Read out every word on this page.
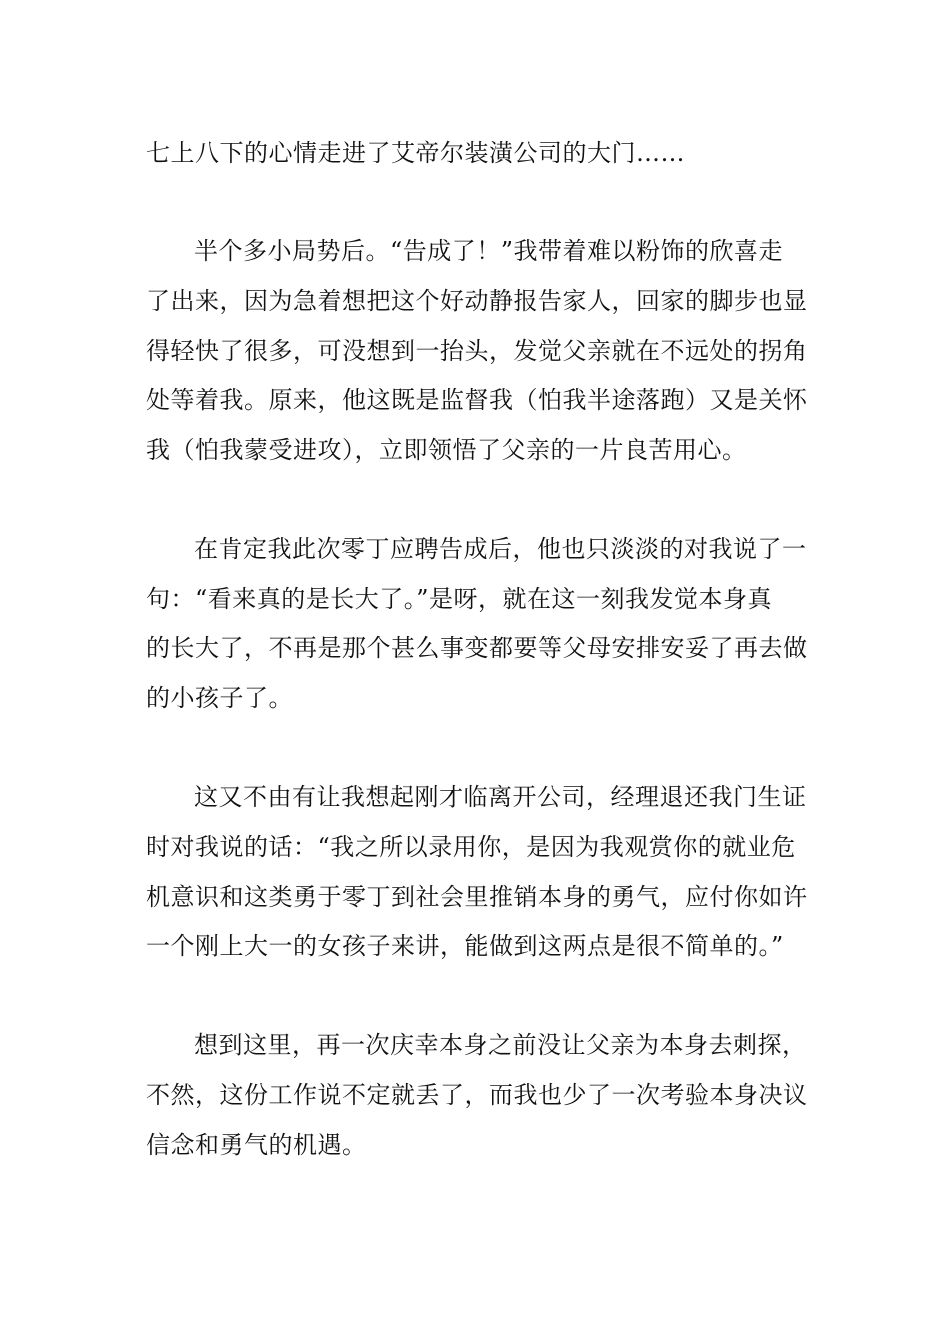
七上八下的心情走进了艾帝尔装潢公司的大门……
半个多小局势后。“告成了！”我带着难以粉饰的欣喜走
了出来，因为急着想把这个好动静报告家人，回家的脚步也显
得轻快了很多，可没想到一抬头，发觉父亲就在不远处的拐角
处等着我。原来，他这既是监督我（怕我半途落跑）又是关怀
我（怕我蒙受进攻），立即领悟了父亲的一片良苦用心。
在肯定我此次零丁应聘告成后，他也只淡淡的对我说了一
句：“看来真的是长大了。”是呀，就在这一刻我发觉本身真
的长大了，不再是那个甚么事变都要等父母安排安妥了再去做
的小孩子了。
这又不由有让我想起刚才临离开公司，经理退还我门生证
时对我说的话：“我之所以录用你，是因为我观赏你的就业危
机意识和这类勇于零丁到社会里推销本身的勇气，应付你如许
一个刚上大一的女孩子来讲，能做到这两点是很不简单的。”
想到这里，再一次庆幸本身之前没让父亲为本身去刺探，
不然，这份工作说不定就丢了，而我也少了一次考验本身决议
信念和勇气的机遇。
